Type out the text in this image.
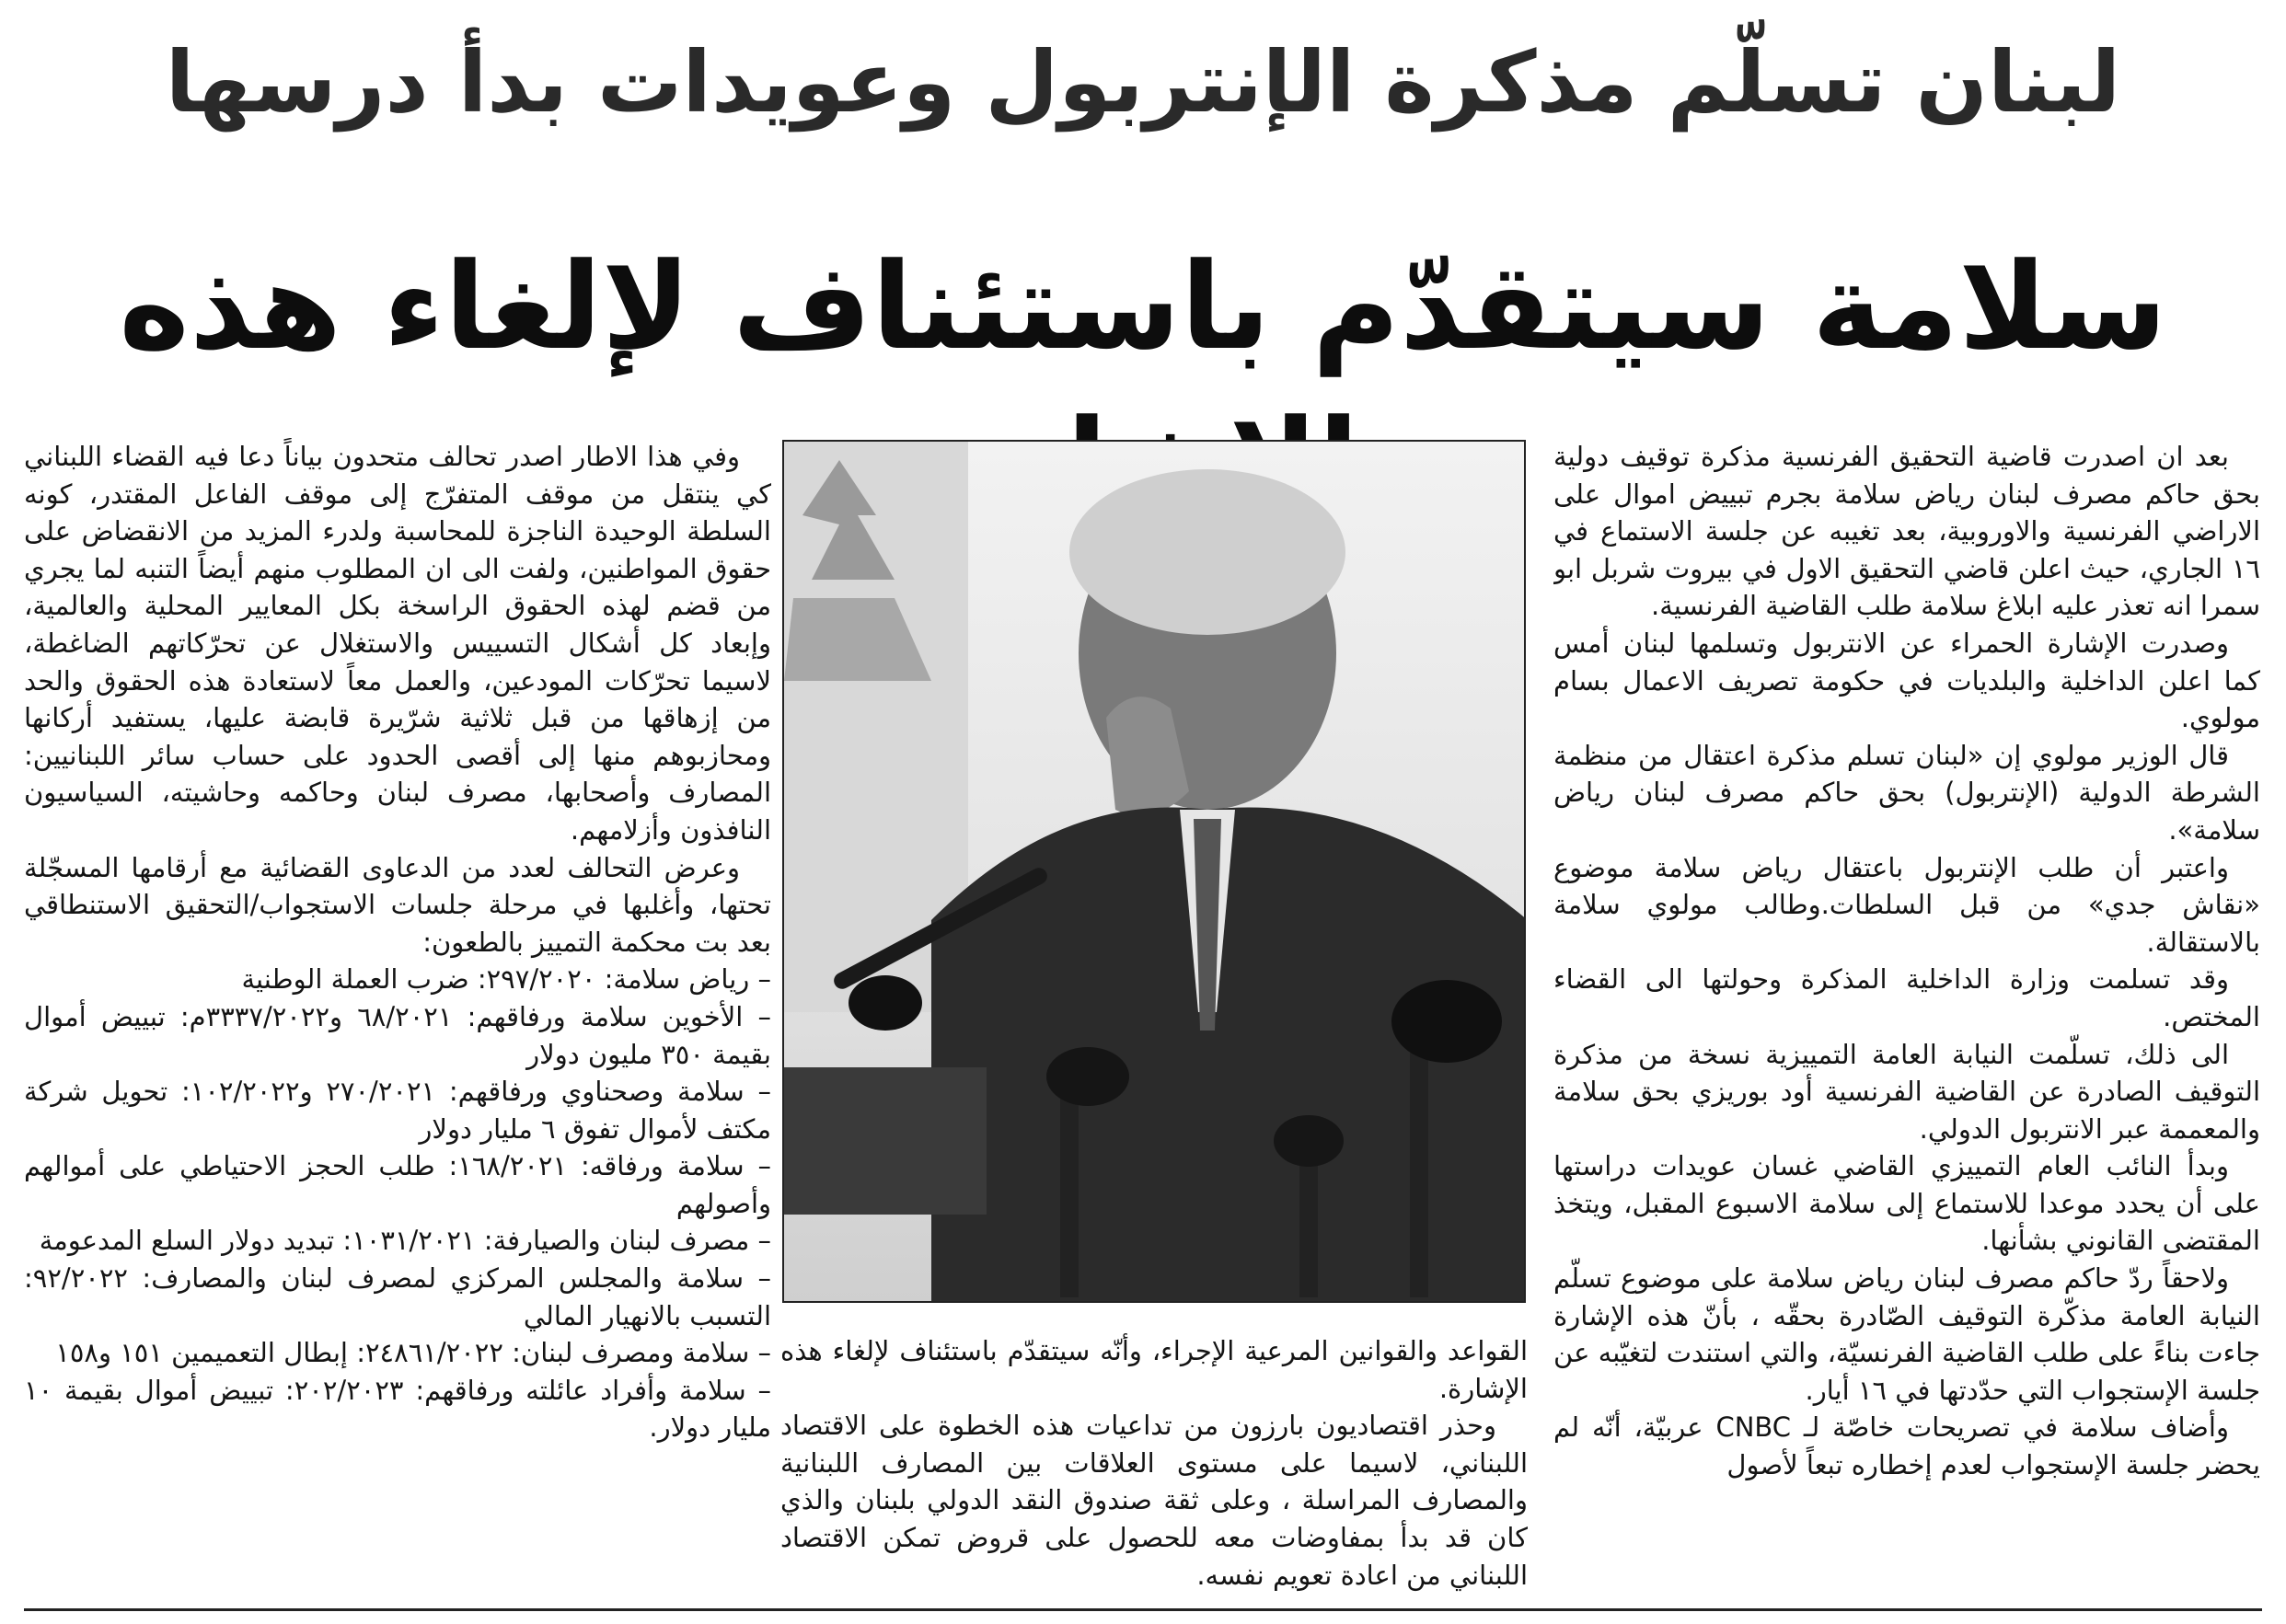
لبنان تسلّم مذكرة الإنتربول وعويدات بدأ درسها
سلامة سيتقدّم باستئناف لإلغاء هذه

بعد ان اصدرت قاضية التحقيق الفرنسية مذكرة توقيف دولية بحق حاكم مصرف لبنان رياض سلامة بجرم تبييض اموال على الاراضي الفرنسية والاوروبية، بعد تغيبه عن جلسة الاستماع في ١٦ الجاري، حيث اعلن قاضي التحقيق الاول في بيروت شربل ابو سمرا انه تعذر عليه ابلاغ سلامة طلب القاضية الفرنسية.

وصدرت الإشارة الحمراء عن الانتربول وتسلمها لبنان أمس كما اعلن الداخلية والبلديات في حكومة تصريف الاعمال بسام مولوي.

قال الوزير مولوي إن «لبنان تسلم مذكرة اعتقال من منظمة الشرطة الدولية (الإنتربول) بحق حاكم مصرف لبنان رياض سلامة».

واعتبر أن طلب الإنتربول باعتقال رياض سلامة موضوع «نقاش جدي» من قبل السلطات.وطالب مولوي سلامة بالاستقالة.

وقد تسلمت وزارة الداخلية المذكرة وحولتها الى القضاء المختص.

الى ذلك، تسلّمت النيابة العامة التمييزية نسخة من مذكرة التوقيف الصادرة عن القاضية الفرنسية أود بوريزي بحق سلامة والمعممة عبر الانتربول الدولي.

وبدأ النائب العام التمييزي القاضي غسان عويدات دراستها على أن يحدد موعدا للاستماع إلى سلامة الاسبوع المقبل، ويتخذ المقتضى القانوني بشأنها.

ولاحقاً ردّ حاكم مصرف لبنان رياض سلامة على موضوع تسلّم النيابة العامة مذكّرة التوقيف الصّادرة بحقّه ، بأنّ هذه الإشارة جاءت بناءً على طلب القاضية الفرنسيّة، والتي استندت لتغيّبه عن جلسة الإستجواب التي حدّدتها في ١٦ أيار.

وأضاف سلامة في تصريحات خاصّة لـ CNBC عربيّة، أنّه لم يحضر جلسة الإستجواب لعدم إخطاره تبعاً لأصول

القواعد والقوانين المرعية الإجراء، وأنّه سيتقدّم باستئناف لإلغاء هذه الإشارة.

وحذر اقتصاديون بارزون من تداعيات هذه الخطوة على الاقتصاد اللبناني، لاسيما على مستوى العلاقات بين المصارف اللبنانية والمصارف المراسلة ، وعلى ثقة صندوق النقد الدولي بلبنان والذي كان قد بدأ بمفاوضات معه للحصول على قروض تمكن الاقتصاد اللبناني من اعادة تعويم نفسه.

وفي هذا الاطار اصدر تحالف متحدون بياناً دعا فيه القضاء اللبناني كي ينتقل من موقف المتفرّج إلى موقف الفاعل المقتدر، كونه السلطة الوحيدة الناجزة للمحاسبة ولدرء المزيد من الانقضاض على حقوق المواطنين، ولفت الى ان المطلوب منهم أيضاً التنبه لما يجري من قضم لهذه الحقوق الراسخة بكل المعايير المحلية والعالمية، وإبعاد كل أشكال التسييس والاستغلال عن تحرّكاتهم الضاغطة، لاسيما تحرّكات المودعين، والعمل معاً لاستعادة هذه الحقوق والحد من إزهاقها من قبل ثلاثية شرّيرة قابضة عليها، يستفيد أركانها ومحازبوهم منها إلى أقصى الحدود على حساب سائر اللبنانيين: المصارف وأصحابها، مصرف لبنان وحاكمه وحاشيته، السياسيون النافذون وأزلامهم.

وعرض التحالف لعدد من الدعاوى القضائية مع أرقامها المسجّلة تحتها، وأغلبها في مرحلة جلسات الاستجواب/التحقيق الاستنطاقي بعد بت محكمة التمييز بالطعون:

– رياض سلامة: ٢٩٧/٢٠٢٠: ضرب العملة الوطنية

– الأخوين سلامة ورفاقهم: ٦٨/٢٠٢١ و٣٣٣٧/٢٠٢٢م: تبييض أموال بقيمة ٣٥٠ مليون دولار

– سلامة وصحناوي ورفاقهم: ٢٧٠/٢٠٢١ و١٠٢/٢٠٢٢: تحويل شركة مكتف لأموال تفوق ٦ مليار دولار

– سلامة ورفاقه: ١٦٨/٢٠٢١: طلب الحجز الاحتياطي على أموالهم وأصولهم

– مصرف لبنان والصيارفة: ١٠٣١/٢٠٢١: تبديد دولار السلع المدعومة

– سلامة والمجلس المركزي لمصرف لبنان والمصارف: ٩٢/٢٠٢٢: التسبب بالانهيار المالي

– سلامة ومصرف لبنان: ٢٤٨٦١/٢٠٢٢: إبطال التعميمين ١٥١ و١٥٨

– سلامة وأفراد عائلته ورفاقهم: ٢٠٢/٢٠٢٣: تبييض أموال بقيمة ١٠ مليار دولار.
